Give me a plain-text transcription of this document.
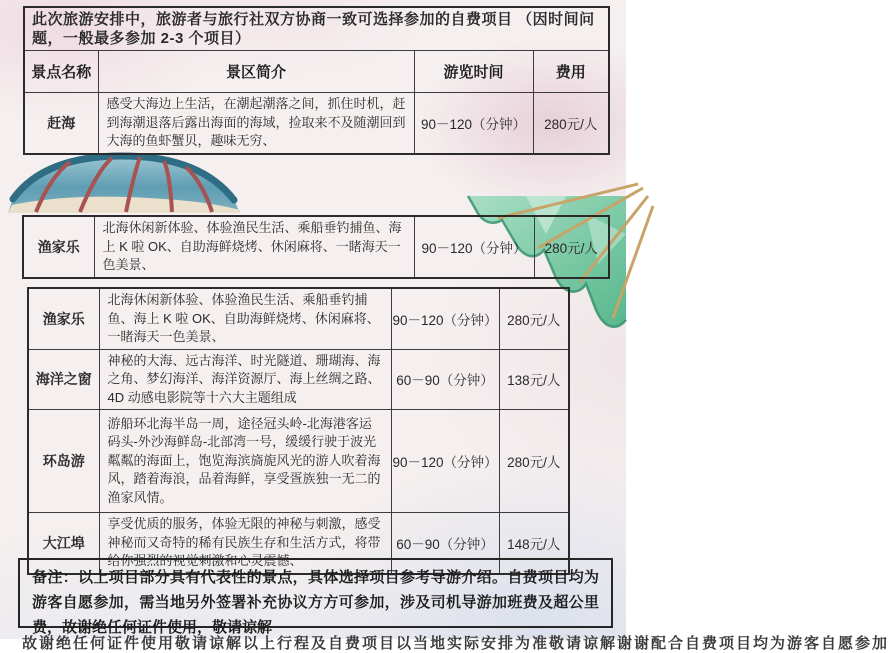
此次旅游安排中，旅游者与旅行社双方协商一致可选择参加的自费项目 （因时间问题，一般最多参加 2-3 个项目）			
景点名称	景区简介	游览时间	费用
赶海	感受大海边上生活，在潮起潮落之间，抓住时机，赶到海潮退落后露出海面的海域，捡取来不及随潮回到大海的鱼虾蟹贝，趣味无穷、	90－120（分钟）	280元/人
渔家乐	北海休闲新体验、体验渔民生活、乘船垂钓捕鱼、海上 K 啦 OK、自助海鲜烧烤、休闲麻将、一睹海天一色美景、	90－120（分钟）	280元/人
渔家乐	北海休闲新体验、体验渔民生活、乘船垂钓捕鱼、海上 K 啦 OK、自助海鲜烧烤、休闲麻将、一睹海天一色美景、	90－120（分钟）	280元/人
海洋之窗	神秘的大海、远古海洋、时光隧道、珊瑚海、海之角、梦幻海洋、海洋资源厅、海上丝绸之路、4D 动感电影院等十六大主题组成	60－90（分钟）	138元/人
环岛游	游船环北海半岛一周，途径冠头岭-北海港客运码头-外沙海鲜岛-北部湾一号，缓缓行驶于波光粼粼的海面上，饱览海滨旖旎风光的游人吹着海风，踏着海浪，品着海鲜，享受疍族独一无二的渔家风情。	90－120（分钟）	280元/人
大江埠	享受优质的服务，体验无限的神秘与刺激，感受神秘而又奇特的稀有民族生存和生活方式，将带给你强烈的视觉刺激和心灵震憾、	60－90（分钟）	148元/人
备注：以上项目部分具有代表性的景点，具体选择项目参考导游介绍。自费项目均为游客自愿参加，需当地另外签署补充协议方方可参加，涉及司机导游加班费及超公里费，故谢绝任何证件使用，敬请谅解
故谢绝任何证件使用敬请谅解以上行程及自费项目以当地实际安排为准敬请谅解谢谢配合自费项目均为游客自愿参加
